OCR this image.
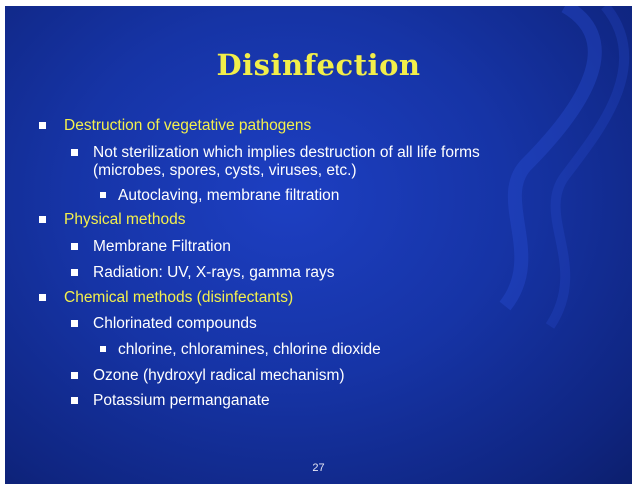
Disinfection
Destruction of vegetative pathogens
Not sterilization which implies destruction of all life forms
(microbes, spores, cysts, viruses, etc.)
Autoclaving, membrane filtration
Physical methods
Membrane Filtration
Radiation: UV, X-rays, gamma rays
Chemical methods (disinfectants)
Chlorinated compounds
chlorine, chloramines, chlorine dioxide
Ozone (hydroxyl radical mechanism)
Potassium permanganate
27
